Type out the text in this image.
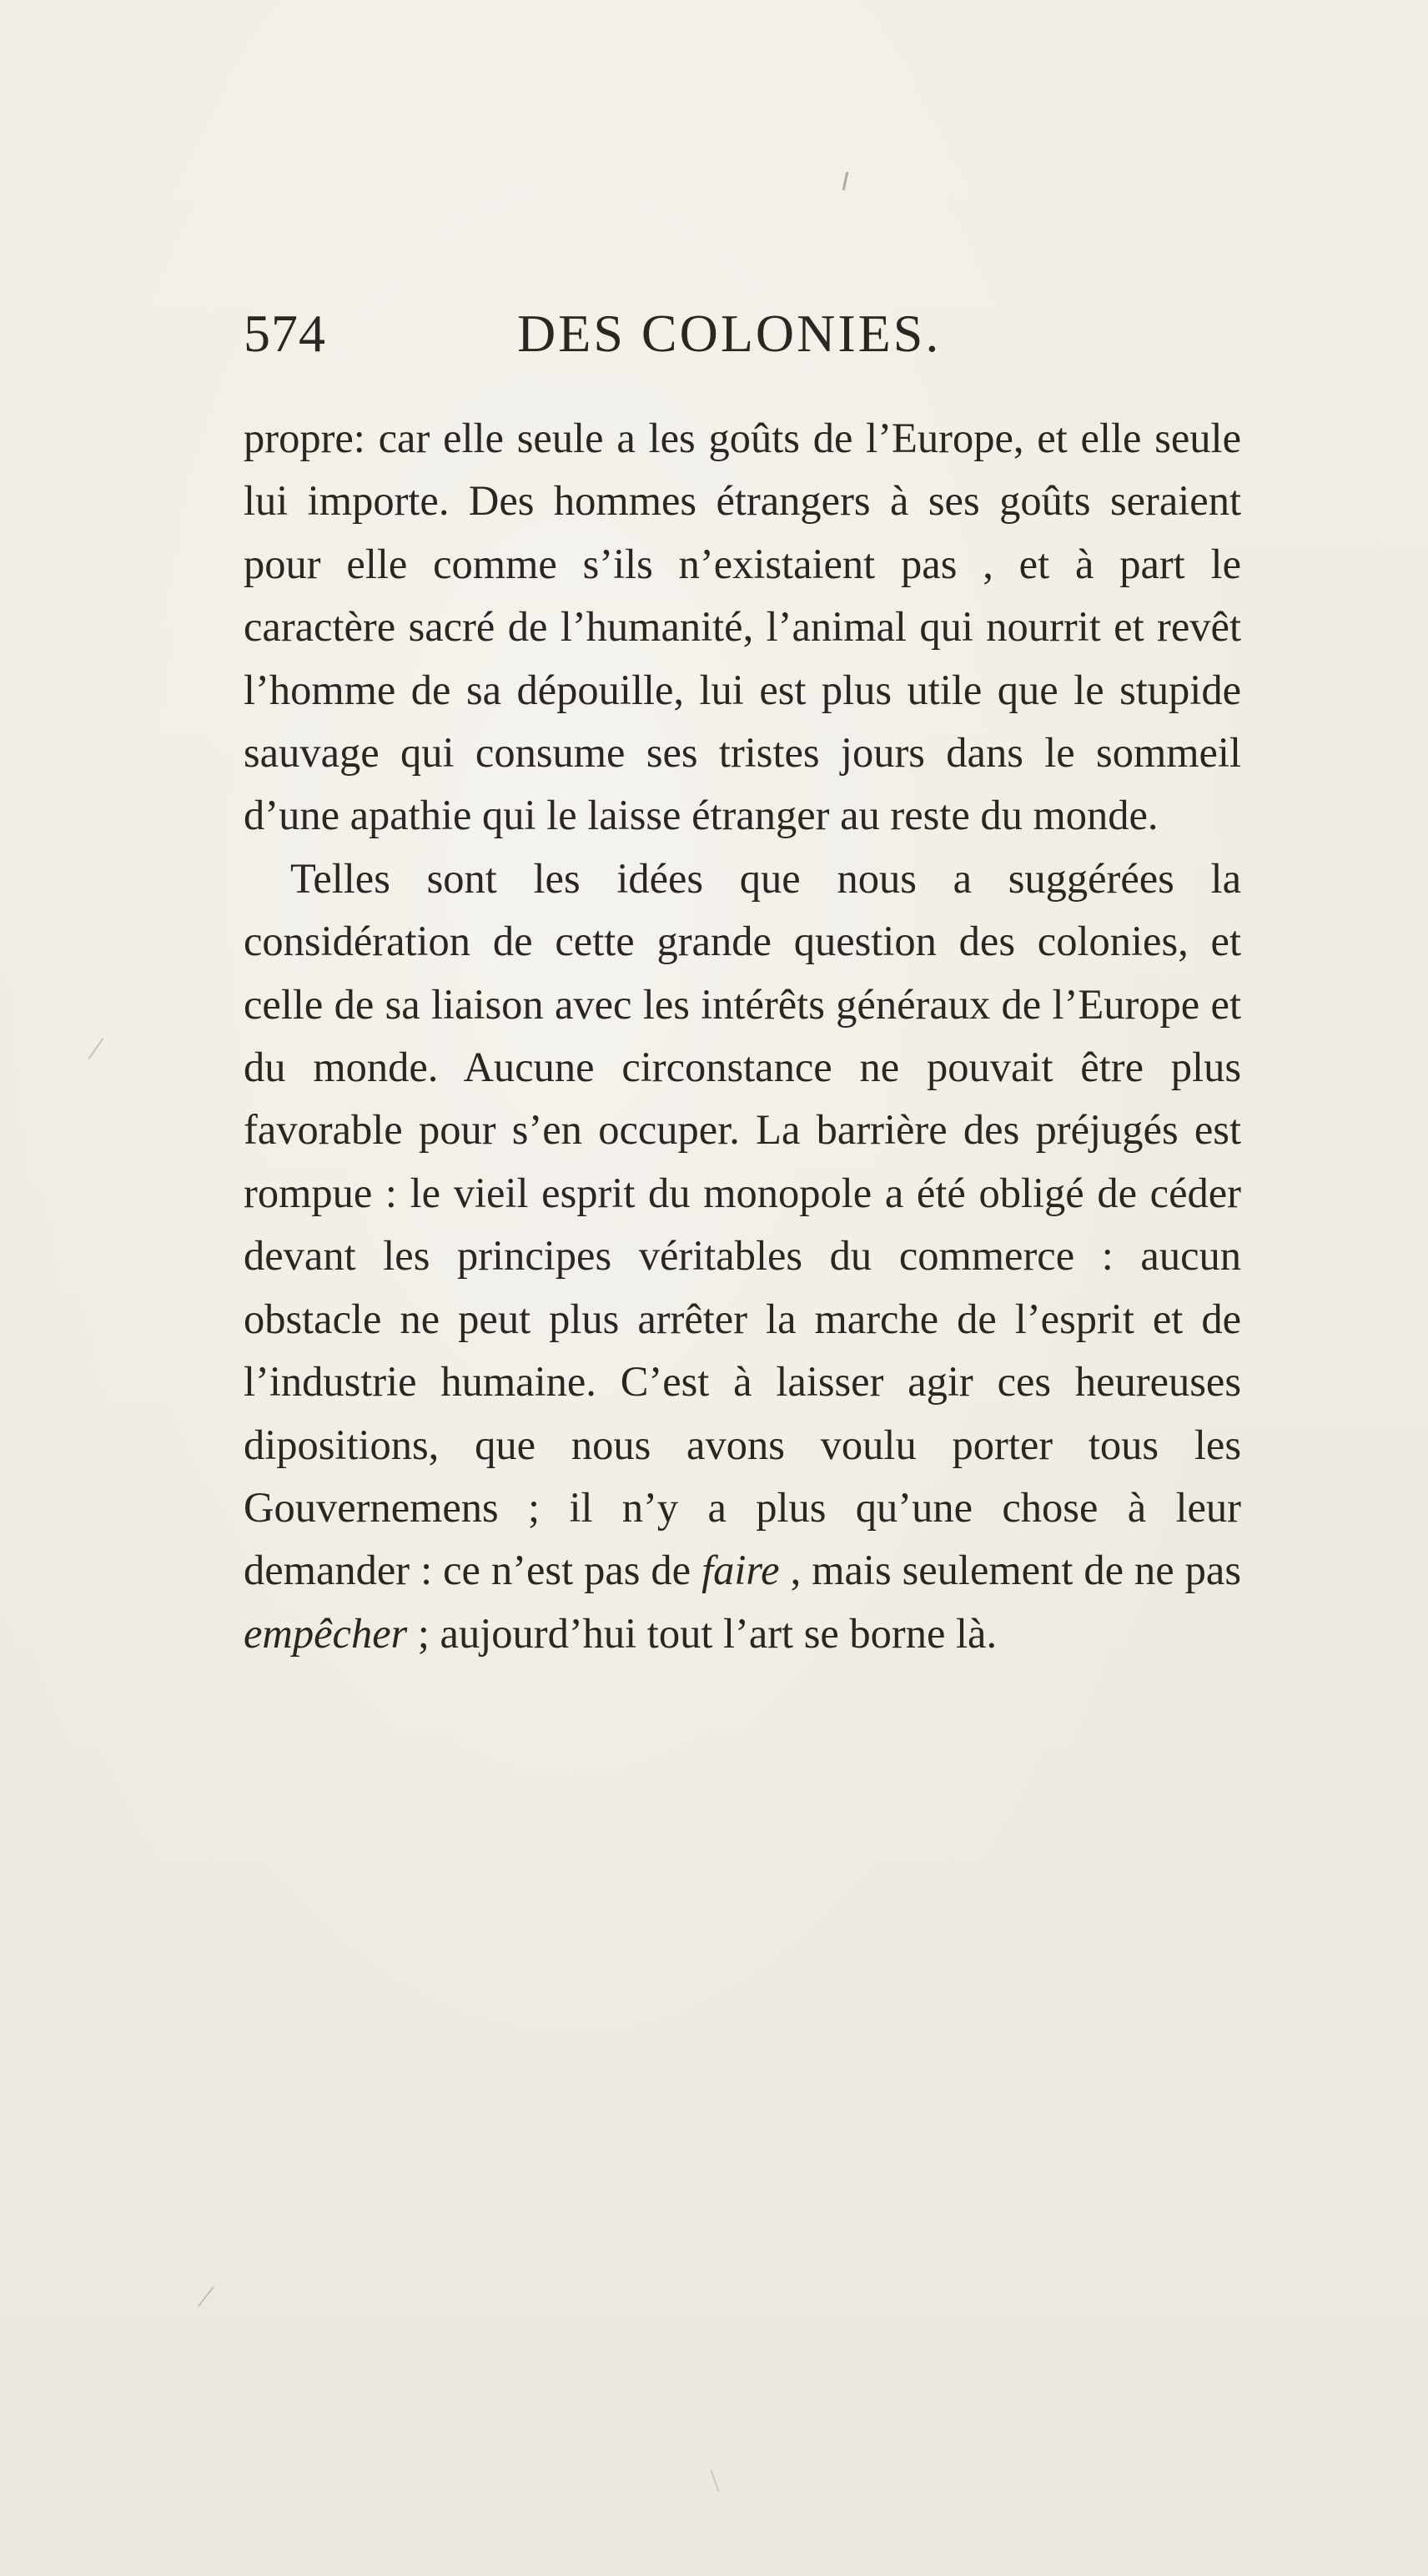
574	DES COLONIES.

propre: car elle seule a les goûts de l’Europe, et elle seule lui importe. Des hommes étrangers à ses goûts seraient pour elle comme s’ils n’existaient pas , et à part le caractère sacré de l’humanité, l’animal qui nourrit et revêt l’homme de sa dépouille, lui est plus utile que le stupide sauvage qui consume ses tristes jours dans le sommeil d’une apathie qui le laisse étranger au reste du monde.

Telles sont les idées que nous a suggérées la considération de cette grande question des colonies, et celle de sa liaison avec les intérêts généraux de l’Europe et du monde. Aucune circonstance ne pouvait être plus favorable pour s’en occuper. La barrière des préjugés est rompue : le vieil esprit du monopole a été obligé de céder devant les principes véritables du commerce : aucun obstacle ne peut plus arrêter la marche de l’esprit et de l’industrie humaine. C’est à laisser agir ces heureuses dipositions, que nous avons voulu porter tous les Gouvernemens ; il n’y a plus qu’une chose à leur demander : ce n’est pas de faire , mais seulement de ne pas empêcher ; aujourd’hui tout l’art se borne là.
